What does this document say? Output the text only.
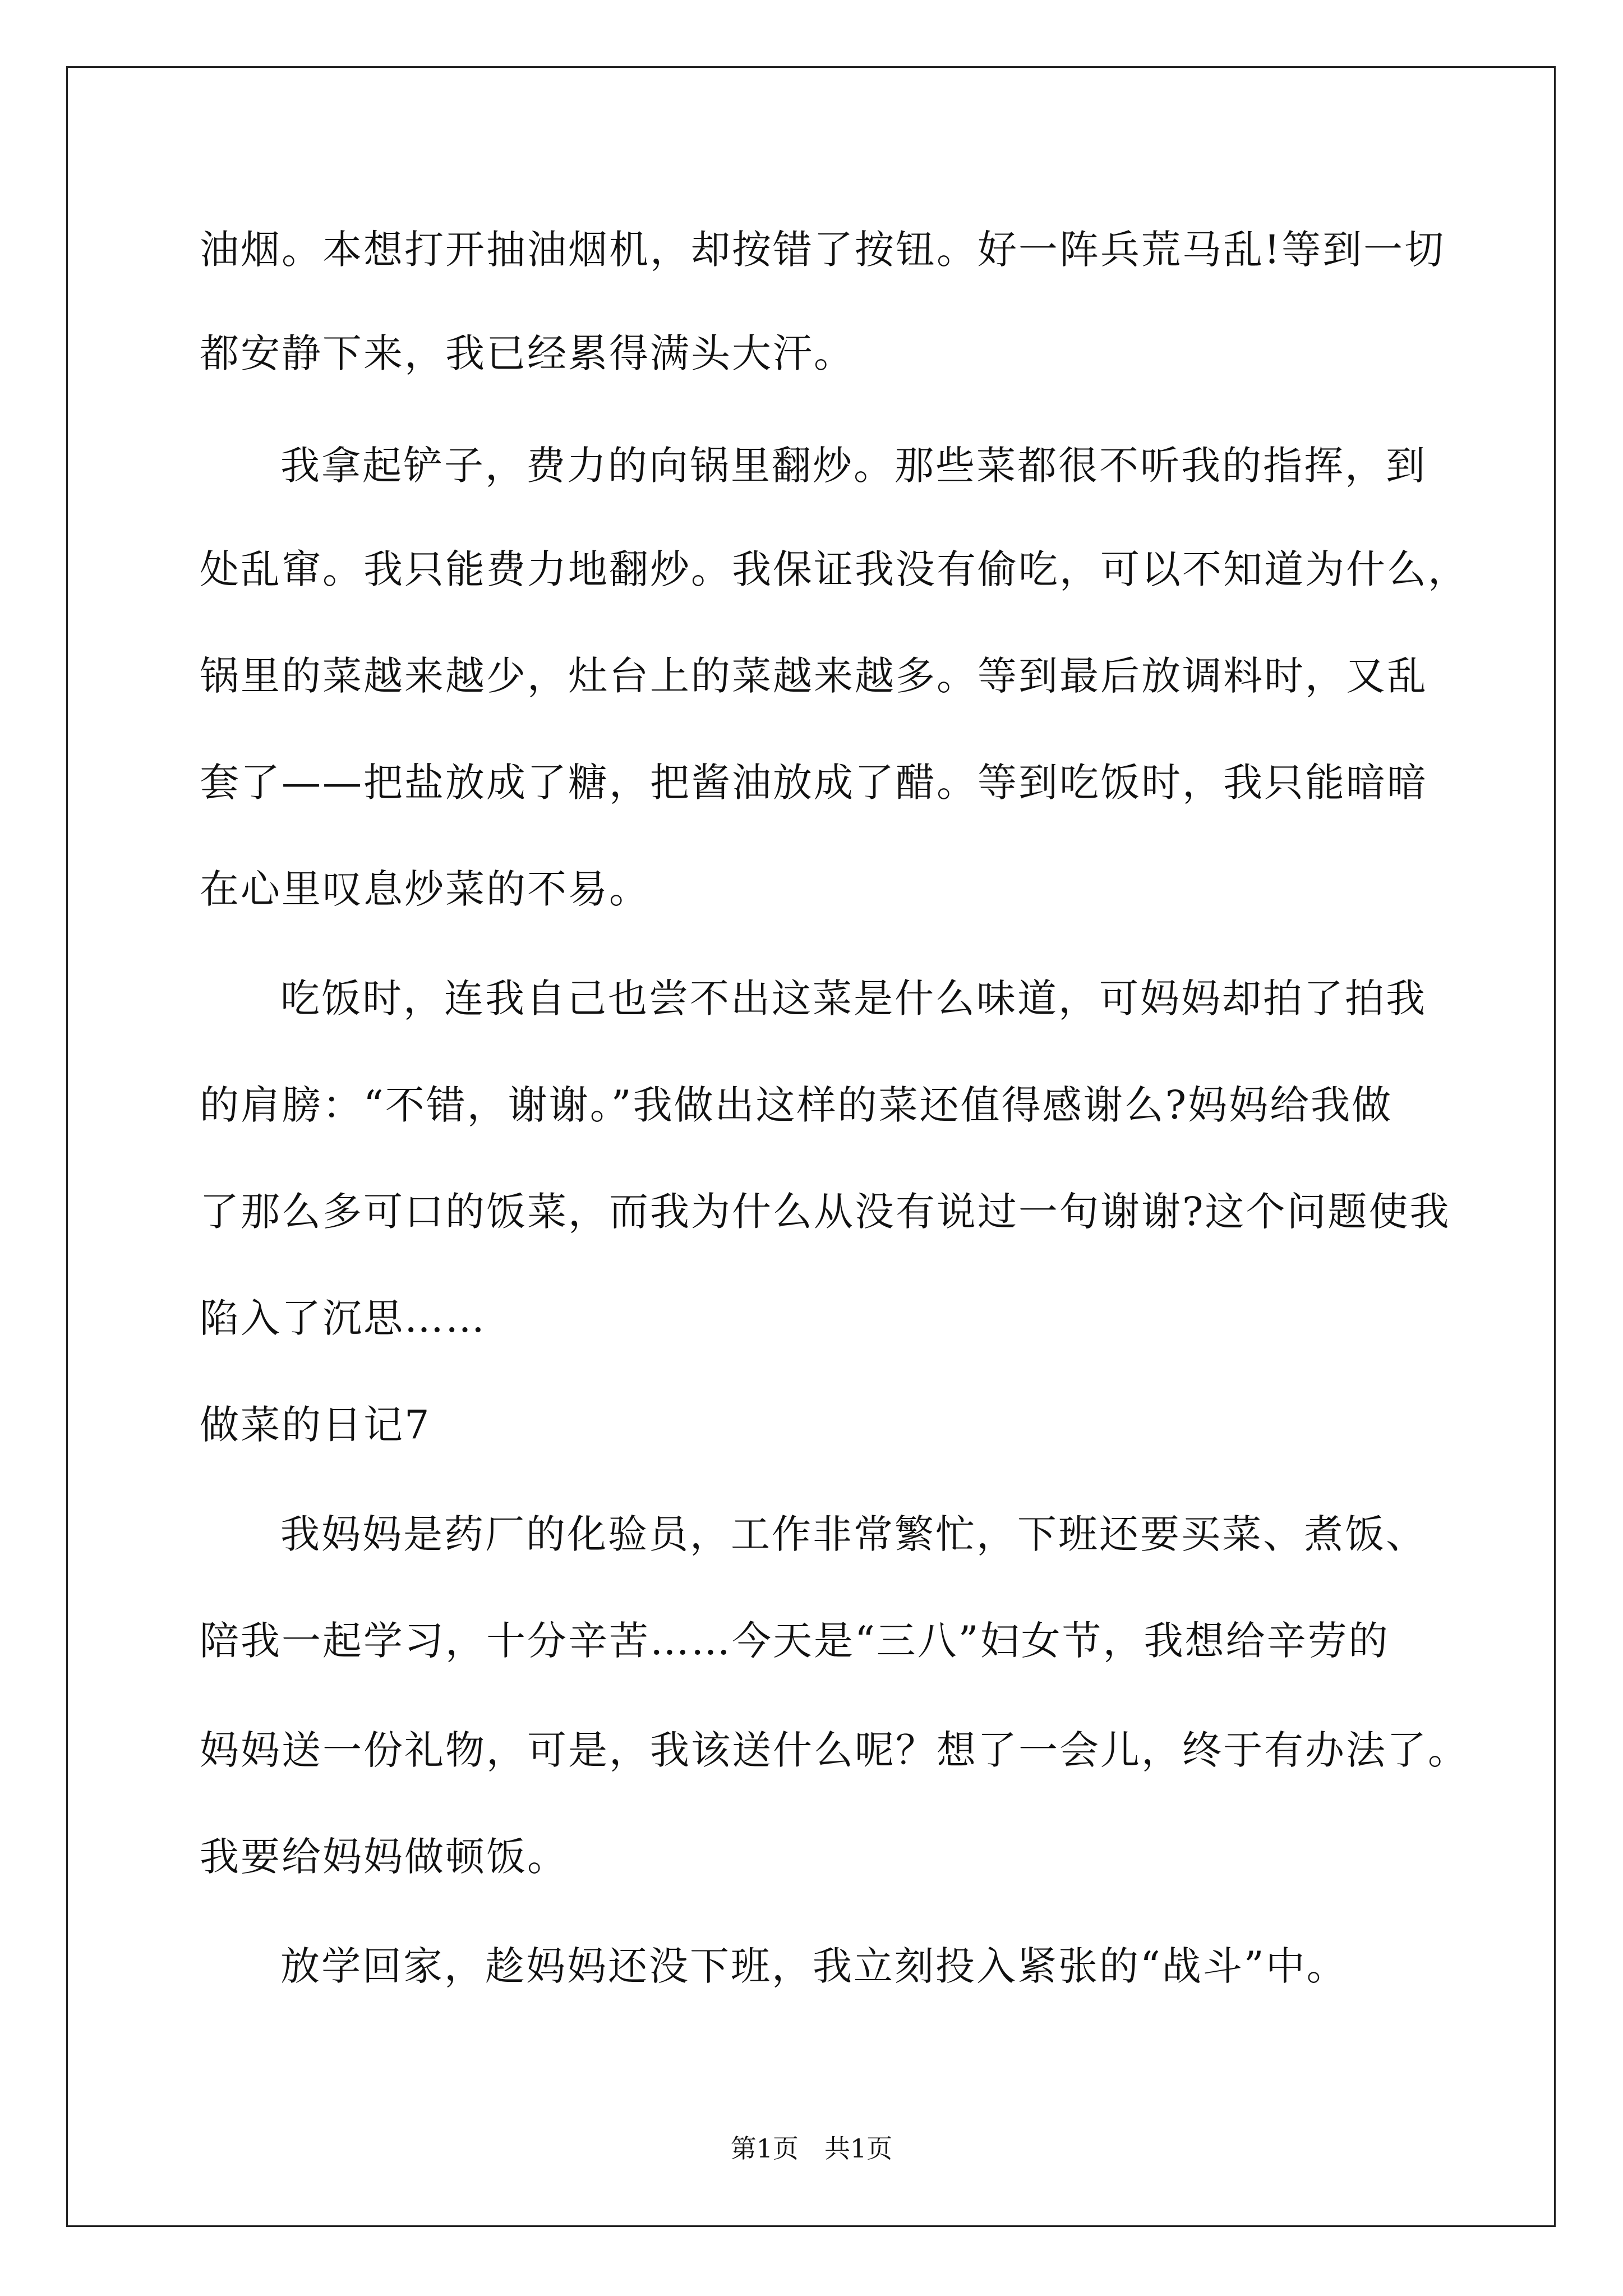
油烟。本想打开抽油烟机，却按错了按钮。好一阵兵荒马乱!等到一切
都安静下来，我已经累得满头大汗。
我拿起铲子，费力的向锅里翻炒。那些菜都很不听我的指挥，到
处乱窜。我只能费力地翻炒。我保证我没有偷吃，可以不知道为什么，
锅里的菜越来越少，灶台上的菜越来越多。等到最后放调料时，又乱
套了——把盐放成了糖，把酱油放成了醋。等到吃饭时，我只能暗暗
在心里叹息炒菜的不易。
吃饭时，连我自己也尝不出这菜是什么味道，可妈妈却拍了拍我
的肩膀：“不错，谢谢。”我做出这样的菜还值得感谢么?妈妈给我做
了那么多可口的饭菜，而我为什么从没有说过一句谢谢?这个问题使我
陷入了沉思……
做菜的日记7
我妈妈是药厂的化验员，工作非常繁忙，下班还要买菜、煮饭、
陪我一起学习，十分辛苦……今天是“三八”妇女节，我想给辛劳的
妈妈送一份礼物，可是，我该送什么呢？想了一会儿，终于有办法了。
我要给妈妈做顿饭。
放学回家，趁妈妈还没下班，我立刻投入紧张的“战斗”中。
第1页　共1页
